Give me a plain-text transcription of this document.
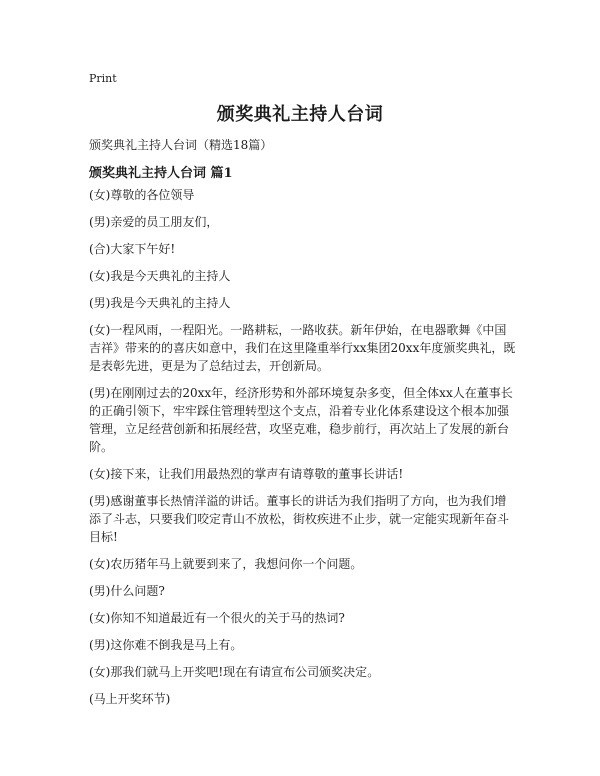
Print
颁奖典礼主持人台词
颁奖典礼主持人台词（精选18篇）
颁奖典礼主持人台词 篇1

(女)尊敬的各位领导

(男)亲爱的员工朋友们，

(合)大家下午好!

(女)我是今天典礼的主持人

(男)我是今天典礼的主持人

(女)一程风雨，一程阳光。一路耕耘，一路收获。新年伊始，在电器歌舞《中国吉祥》带来的的喜庆如意中，我们在这里隆重举行xx集团20xx年度颁奖典礼，既是表彰先进，更是为了总结过去，开创新局。

(男)在刚刚过去的20xx年，经济形势和外部环境复杂多变，但全体xx人在董事长的正确引领下，牢牢踩住管理转型这个支点，沿着专业化体系建设这个根本加强管理，立足经营创新和拓展经营，攻坚克难，稳步前行，再次站上了发展的新台阶。

(女)接下来，让我们用最热烈的掌声有请尊敬的董事长讲话!

(男)感谢董事长热情洋溢的讲话。董事长的讲话为我们指明了方向，也为我们增添了斗志，只要我们咬定青山不放松，街枚疾进不止步，就一定能实现新年奋斗目标!

(女)农历猪年马上就要到来了，我想问你一个问题。

(男)什么问题?

(女)你知不知道最近有一个很火的关于马的热词?

(男)这你难不倒我是马上有。

(女)那我们就马上开奖吧!现在有请宣布公司颁奖决定。

(马上开奖环节)
